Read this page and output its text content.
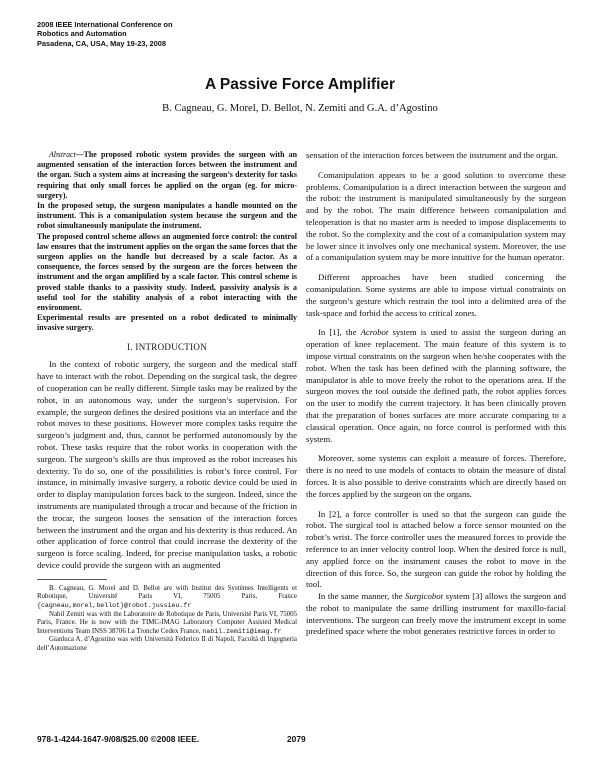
2008 IEEE International Conference on
Robotics and Automation
Pasadena, CA, USA, May 19-23, 2008
A Passive Force Amplifier
B. Cagneau, G. Morel, D. Bellot, N. Zemiti and G.A. d’Agostino

Abstract—The proposed robotic system provides the surgeon with an augmented sensation of the interaction forces between the instrument and the organ. Such a system aims at increasing the surgeon’s dexterity for tasks requiring that only small forces be applied on the organ (eg. for micro-surgery).

In the proposed setup, the surgeon manipulates a handle mounted on the instrument. This is a comanipulation system because the surgeon and the robot simultaneously manipulate the instrument.

The proposed control scheme allows an augmented force control: the control law ensures that the instrument applies on the organ the same forces that the surgeon applies on the handle but decreased by a scale factor. As a consequence, the forces sensed by the surgeon are the forces between the instrument and the organ amplified by a scale factor. This control scheme is proved stable thanks to a passivity study. Indeed, passivity analysis is a useful tool for the stability analysis of a robot interacting with the environment.

Experimental results are presented on a robot dedicated to minimally invasive surgery.

I. INTRODUCTION

In the context of robotic surgery, the surgeon and the medical staff have to interact with the robot. Depending on the surgical task, the degree of cooperation can be really different. Simple tasks may be realized by the robot, in an autonomous way, under the surgeon’s supervision. For example, the surgeon defines the desired positions via an interface and the robot moves to these positions. However more complex tasks require the surgeon’s judgment and, thus, cannot be performed autonomously by the robot. These tasks require that the robot works in cooperation with the surgeon. The surgeon’s skills are thus improved as the robot increases his dexterity. To do so, one of the possibilities is robot’s force control. For instance, in minimally invasive surgery, a robotic device could be used in order to display manipulation forces back to the surgeon. Indeed, since the instruments are manipulated through a trocar and because of the friction in the trocar, the surgeon looses the sensation of the interaction forces between the instrument and the organ and his dexterity is thus reduced. An other application of force control that could increase the dexterity of the surgeon is force scaling. Indeed, for precise manipulation tasks, a robotic device could provide the surgeon with an augmented

B. Cagneau, G. Morel and D. Bellot are with Institut des Systèmes Intelligents et Robotique, Université Paris VI, 75005 Paris, France {cagneau,morel,bellot}@robot.jussieu.fr

Nabil Zemiti was with the Laboratoire de Robotique de Paris, Université Paris VI, 75005 Paris, France. He is now with the TIMC-IMAG Laboratory Computer Assisted Medical Interventions Team INSS 38706 La Tronche Cedex France, nabil.zemiti@imag.fr

Gianluca A. d’Agostino was with Università Federico II di Napoli, Facoltà di Ingegneria dell’Automazione

sensation of the interaction forces between the instrument and the organ.

Comanipulation appears to be a good solution to overcome these problems. Comanipulation is a direct interaction between the surgeon and the robot: the instrument is manipulated simultaneously by the surgeon and by the robot. The main difference between comanipulation and teleoperation is that no master arm is needed to impose displacements to the robot. So the complexity and the cost of a comanipulation system may be lower since it involves only one mechanical system. Moreover, the use of a comanipulation system may be more intuitive for the human operator.

Different approaches have been studied concerning the comanipulation. Some systems are able to impose virtual constraints on the surgeon’s gesture which restrain the tool into a delimited area of the task-space and forbid the access to critical zones.

In [1], the Acrobot system is used to assist the surgeon during an operation of knee replacement. The main feature of this system is to impose virtual constraints on the surgeon when he/she cooperates with the robot. When the task has been defined with the planning software, the manipulator is able to move freely the robot to the operations area. If the surgeon moves the tool outside the defined path, the robot applies forces on the user to modify the current trajectory. It has been clinically proven that the preparation of bones surfaces are more accurate comparing to a classical operation. Once again, no force control is performed with this system.

Moreover, some systems can exploit a measure of forces. Therefore, there is no need to use models of contacts to obtain the measure of distal forces. It is also possible to derive constraints which are directly based on the forces applied by the surgeon on the organs.

In [2], a force controller is used so that the surgeon can guide the robot. The surgical tool is attached below a force sensor mounted on the robot’s wrist. The force controller uses the measured forces to provide the reference to an inner velocity control loop. When the desired force is null, any applied force on the instrument causes the robot to move in the direction of this force. So, the surgeon can guide the robot by holding the tool.

In the same manner, the Surgicobot system [3] allows the surgeon and the robot to manipulate the same drilling instrument for maxillo-facial interventions. The surgeon can freely move the instrument except in some predefined space where the robot generates restrictive forces in order to

978-1-4244-1647-9/08/$25.00 ©2008 IEEE.	2079
